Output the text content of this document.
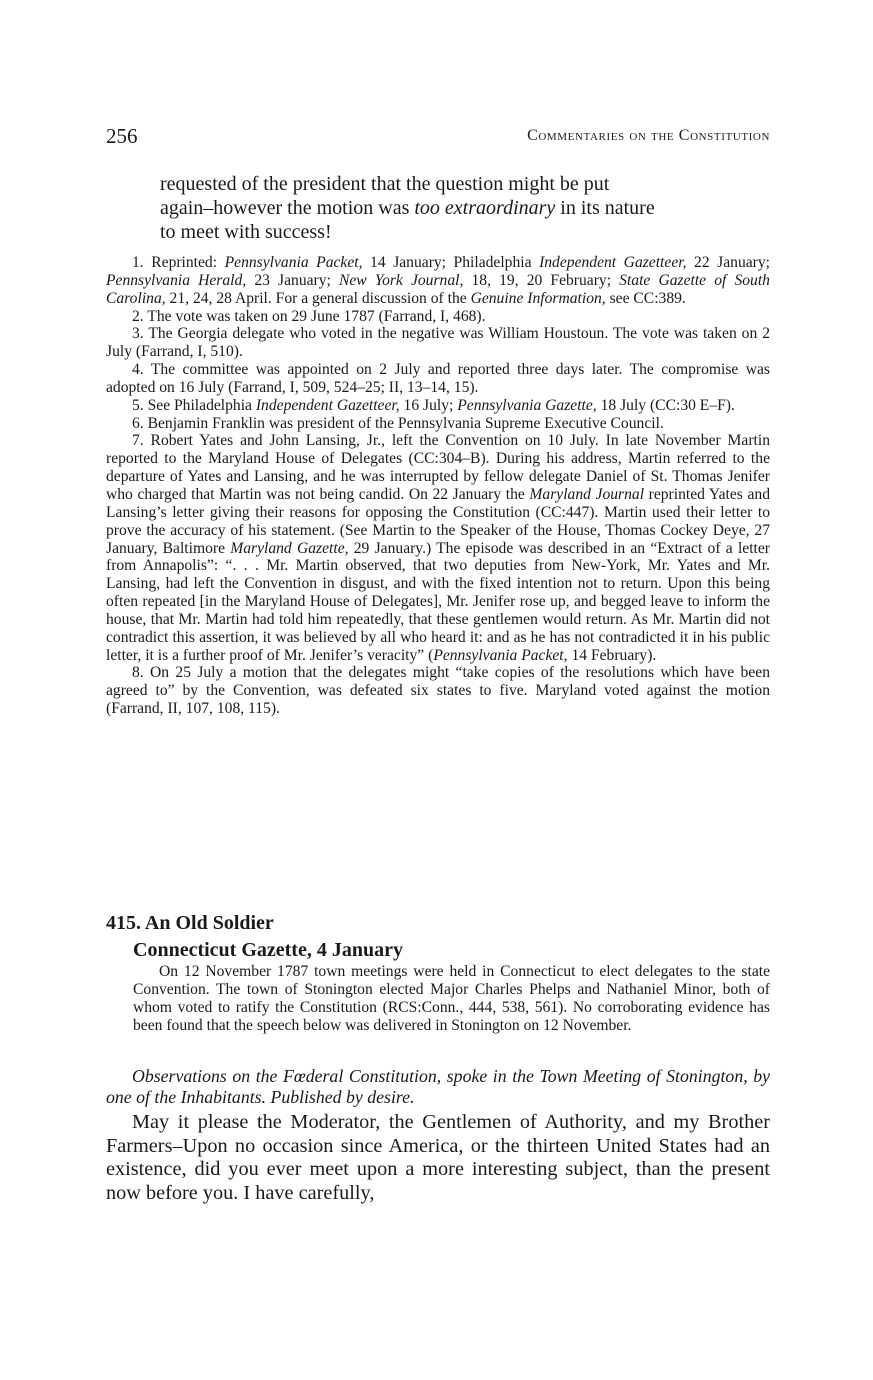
256	Commentaries on the Constitution

requested of the president that the question might be put

again–however the motion was too extraordinary in its nature

to meet with success!

1. Reprinted: Pennsylvania Packet, 14 January; Philadelphia Independent Gazetteer, 22 January; Pennsylvania Herald, 23 January; New York Journal, 18, 19, 20 February; State Gazette of South Carolina, 21, 24, 28 April. For a general discussion of the Genuine Information, see CC:389.

2. The vote was taken on 29 June 1787 (Farrand, I, 468).

3. The Georgia delegate who voted in the negative was William Houstoun. The vote was taken on 2 July (Farrand, I, 510).

4. The committee was appointed on 2 July and reported three days later. The compromise was adopted on 16 July (Farrand, I, 509, 524–25; II, 13–14, 15).

5. See Philadelphia Independent Gazetteer, 16 July; Pennsylvania Gazette, 18 July (CC:30 E–F).

6. Benjamin Franklin was president of the Pennsylvania Supreme Executive Council.

7. Robert Yates and John Lansing, Jr., left the Convention on 10 July. In late November Martin reported to the Maryland House of Delegates (CC:304–B). During his address, Martin referred to the departure of Yates and Lansing, and he was interrupted by fellow delegate Daniel of St. Thomas Jenifer who charged that Martin was not being candid. On 22 January the Maryland Journal reprinted Yates and Lansing’s letter giving their reasons for opposing the Constitution (CC:447). Martin used their letter to prove the accuracy of his statement. (See Martin to the Speaker of the House, Thomas Cockey Deye, 27 January, Baltimore Maryland Gazette, 29 January.) The episode was described in an “Extract of a letter from Annapolis”: “. . . Mr. Martin observed, that two deputies from New-York, Mr. Yates and Mr. Lansing, had left the Convention in disgust, and with the fixed intention not to return. Upon this being often repeated [in the Maryland House of Delegates], Mr. Jenifer rose up, and begged leave to inform the house, that Mr. Martin had told him repeatedly, that these gentlemen would return. As Mr. Martin did not contradict this assertion, it was believed by all who heard it: and as he has not contradicted it in his public letter, it is a further proof of Mr. Jenifer’s veracity” (Pennsylvania Packet, 14 February).

8. On 25 July a motion that the delegates might “take copies of the resolutions which have been agreed to” by the Convention, was defeated six states to five. Maryland voted against the motion (Farrand, II, 107, 108, 115).

415. An Old Soldier
Connecticut Gazette, 4 January

On 12 November 1787 town meetings were held in Connecticut to elect delegates to the state Convention. The town of Stonington elected Major Charles Phelps and Nathaniel Minor, both of whom voted to ratify the Constitution (RCS:Conn., 444, 538, 561). No corroborating evidence has been found that the speech below was delivered in Stonington on 12 November.

Observations on the Fœderal Constitution, spoke in the Town Meeting of Stonington, by one of the Inhabitants. Published by desire.

May it please the Moderator, the Gentlemen of Authority, and my Brother Farmers–Upon no occasion since America, or the thirteen United States had an existence, did you ever meet upon a more interesting subject, than the present now before you. I have carefully,
